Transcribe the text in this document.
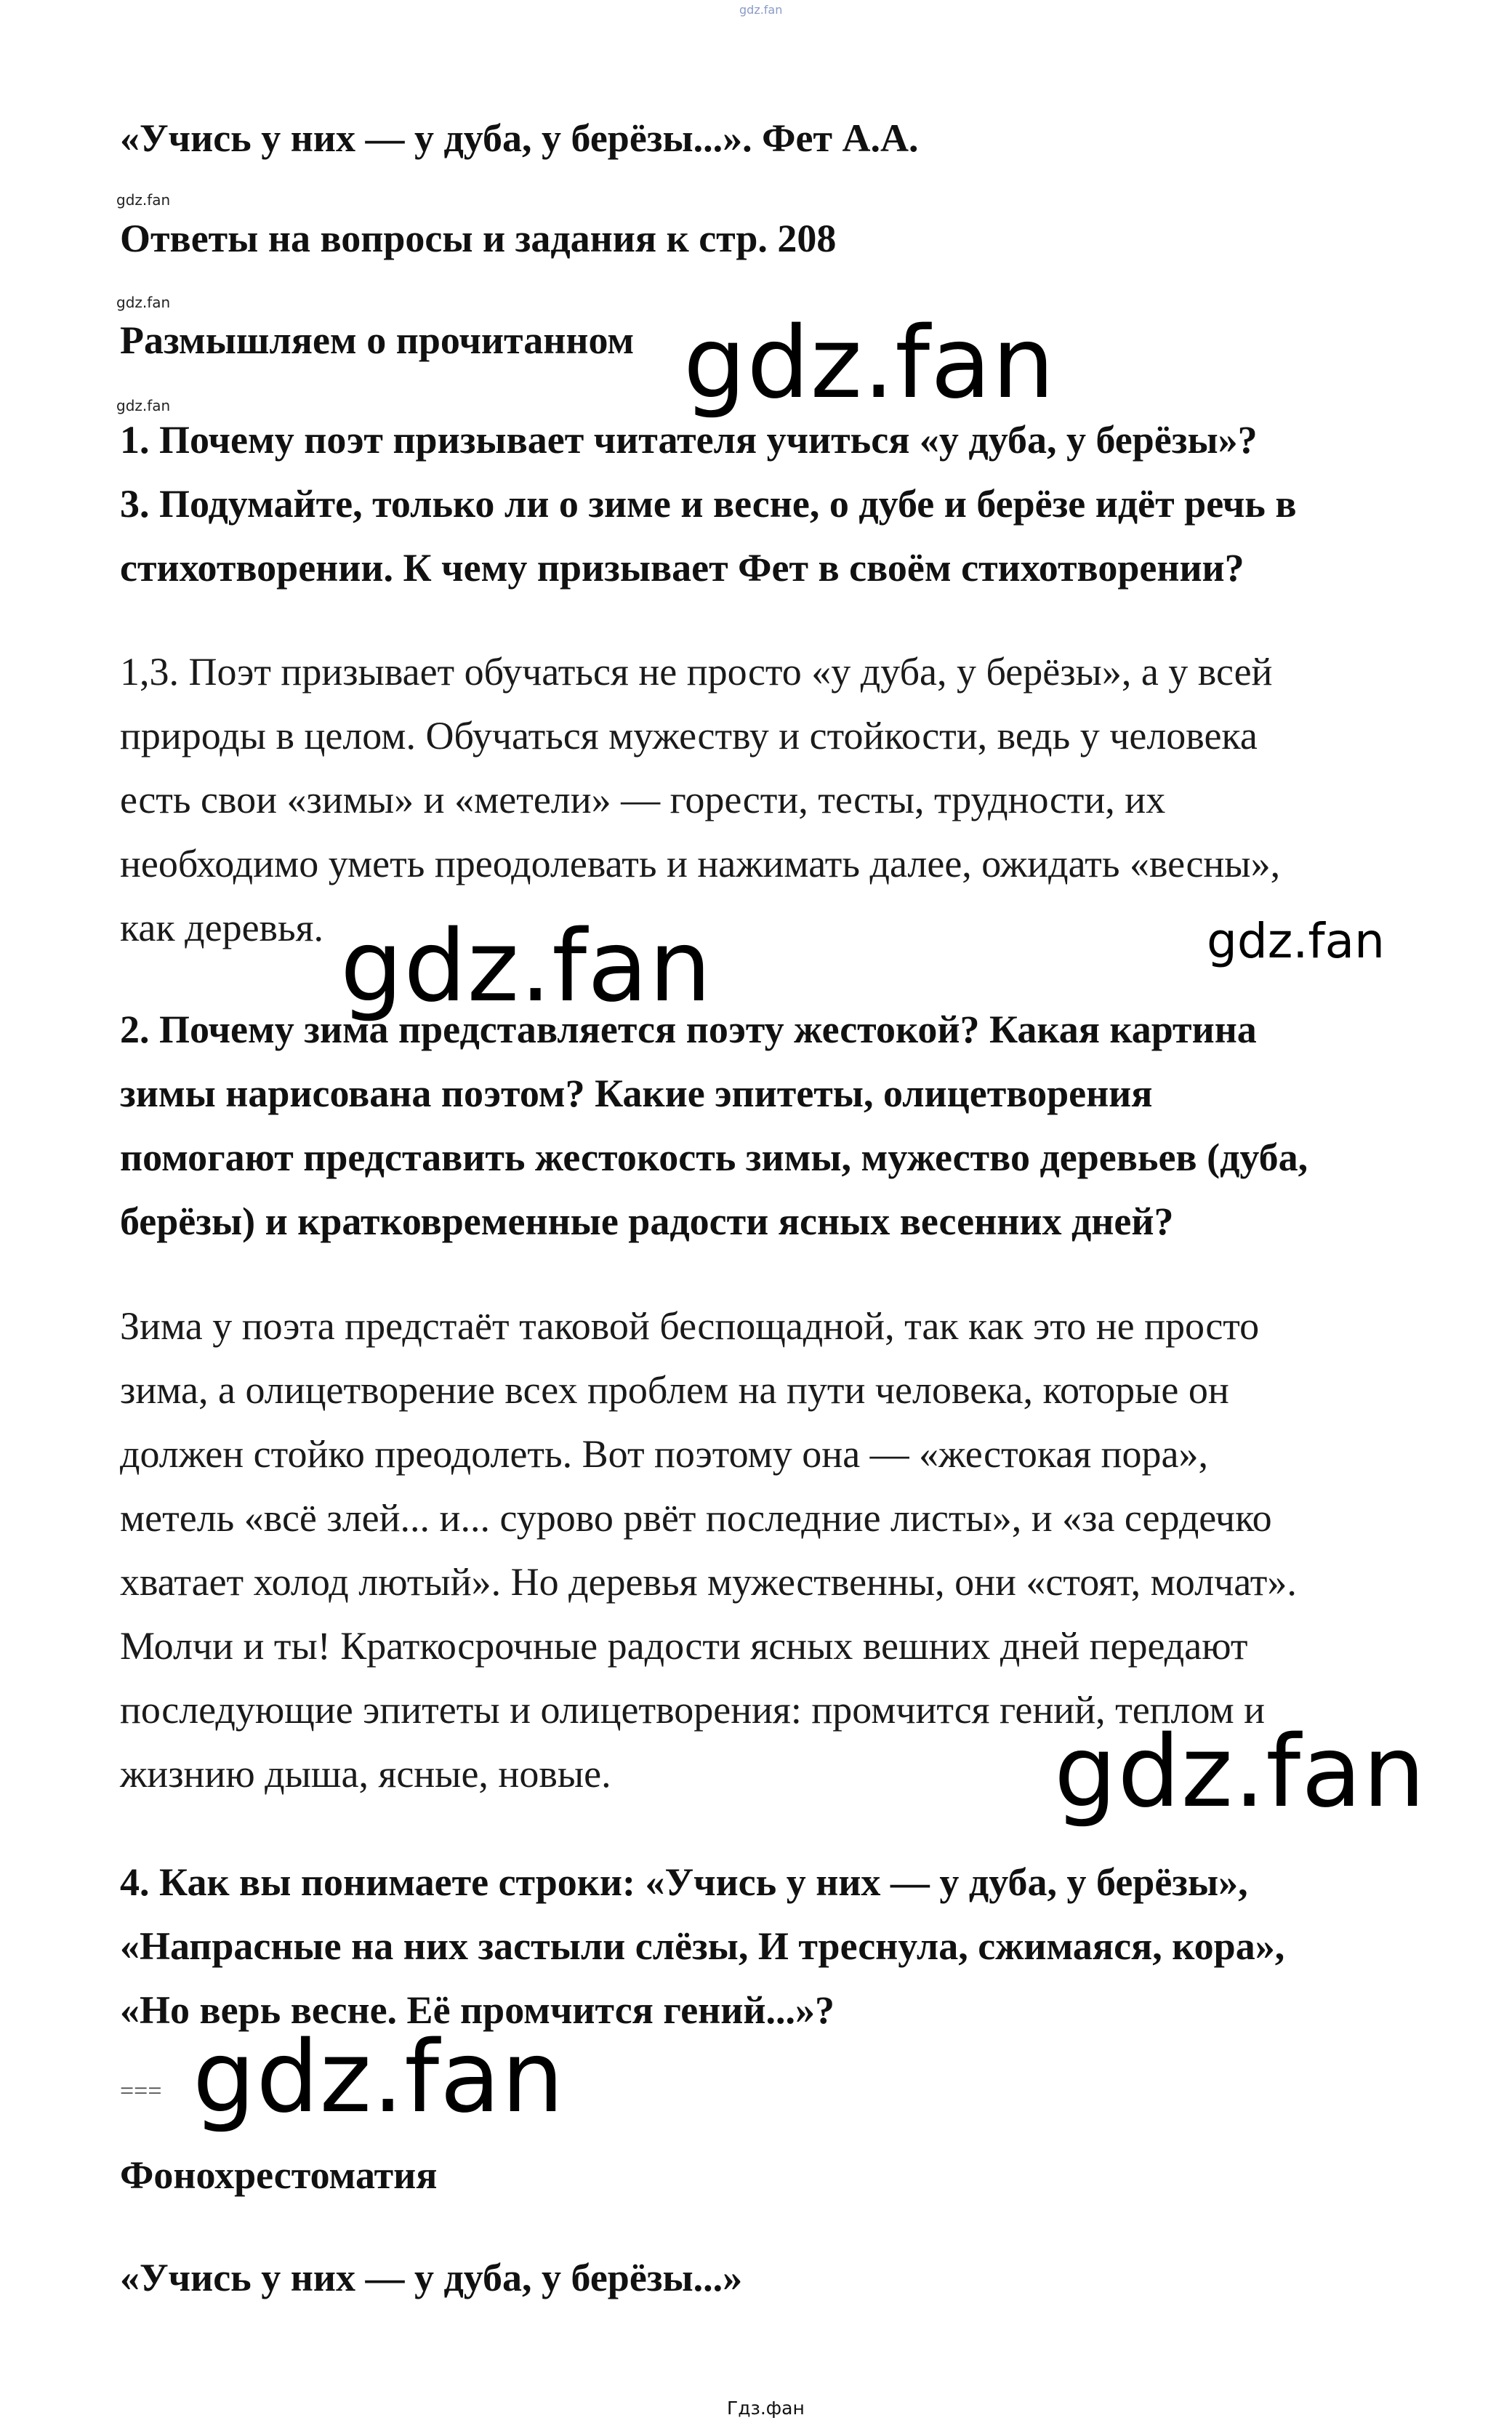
gdz.fan
gdz.fan
gdz.fan
gdz.fan	gdz.fan
gdz.fan	gdz.fan
gdz.fan
gdz.fan
Гдз.фан
«Учись у них — у дуба, у берёзы...». Фет А.А.
Ответы на вопросы и задания к стр. 208
Размышляем о прочитанном
1. Почему поэт призывает читателя учиться «у дуба, у берёзы»?
3. Подумайте, только ли о зиме и весне, о дубе и берёзе идёт речь в
стихотворении. К чему призывает Фет в своём стихотворении?
1,3. Поэт призывает обучаться не просто «у дуба, у берёзы», а у всей
природы в целом. Обучаться мужеству и стойкости, ведь у человека
есть свои «зимы» и «метели» — горести, тесты, трудности, их
необходимо уметь преодолевать и нажимать далее, ожидать «весны»,
как деревья.
2. Почему зима представляется поэту жестокой? Какая картина
зимы нарисована поэтом? Какие эпитеты, олицетворения
помогают представить жестокость зимы, мужество деревьев (дуба,
берёзы) и кратковременные радости ясных весенних дней?
Зима у поэта предстаёт таковой беспощадной, так как это не просто
зима, а олицетворение всех проблем на пути человека, которые он
должен стойко преодолеть. Вот поэтому она — «жестокая пора»,
метель «всё злей... и... сурово рвёт последние листы», и «за сердечко
хватает холод лютый». Но деревья мужественны, они «стоят, молчат».
Молчи и ты! Краткосрочные радости ясных вешних дней передают
последующие эпитеты и олицетворения: промчится гений, теплом и
жизнию дыша, ясные, новые.
4. Как вы понимаете строки: «Учись у них — у дуба, у берёзы»,
«Напрасные на них застыли слёзы, И треснула, сжимаяся, кора»,
«Но верь весне. Её промчится гений...»?
===
Фонохрестоматия
«Учись у них — у дуба, у берёзы...»
